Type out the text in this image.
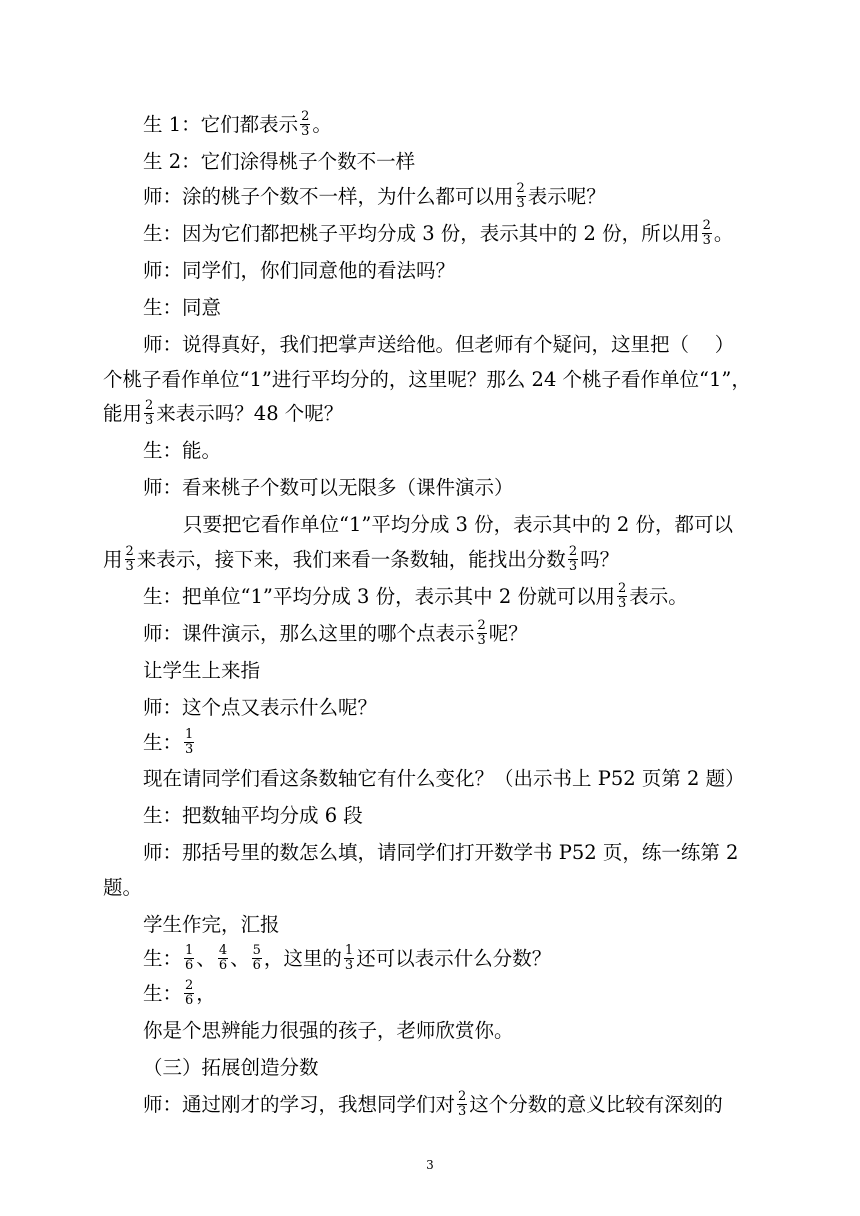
生 1：它们都表示 $\frac{2}{3}$ 。
生 2：它们涂得桃子个数不一样
师：涂的桃子个数不一样，为什么都可以用 $\frac{2}{3}$ 表示呢？
生：因为它们都把桃子平均分成 3 份，表示其中的 2 份，所以用 $\frac{2}{3}$ 。
师：同学们，你们同意他的看法吗？
生：同意
师：说得真好，我们把掌声送给他。但老师有个疑问，这里把（　 ）
个桃子看作单位“1”进行平均分的，这里呢？那么 24 个桃子看作单位“1”，
能用 $\frac{2}{3}$ 来表示吗？48 个呢？
生：能。
师：看来桃子个数可以无限多（课件演示）
只要把它看作单位“1”平均分成 3 份，表示其中的 2 份，都可以
用 $\frac{2}{3}$ 来表示，接下来，我们来看一条数轴，能找出分数 $\frac{2}{3}$ 吗？
生：把单位“1”平均分成 3 份，表示其中 2 份就可以用 $\frac{2}{3}$ 表示。
师：课件演示，那么这里的哪个点表示 $\frac{2}{3}$ 呢？
让学生上来指
师：这个点又表示什么呢？
生： $\frac{1}{3}$
现在请同学们看这条数轴它有什么变化？（出示书上 P52 页第 2 题）
生：把数轴平均分成 6 段
师：那括号里的数怎么填，请同学们打开数学书 P52 页，练一练第 2
题。
学生作完，汇报
生： $\frac{1}{6}$ 、 $\frac{4}{6}$ 、 $\frac{5}{6}$ ，这里的 $\frac{1}{3}$ 还可以表示什么分数？
生： $\frac{2}{6}$ ，
你是个思辨能力很强的孩子，老师欣赏你。
（三）拓展创造分数
师：通过刚才的学习，我想同学们对 $\frac{2}{3}$ 这个分数的意义比较有深刻的
3
